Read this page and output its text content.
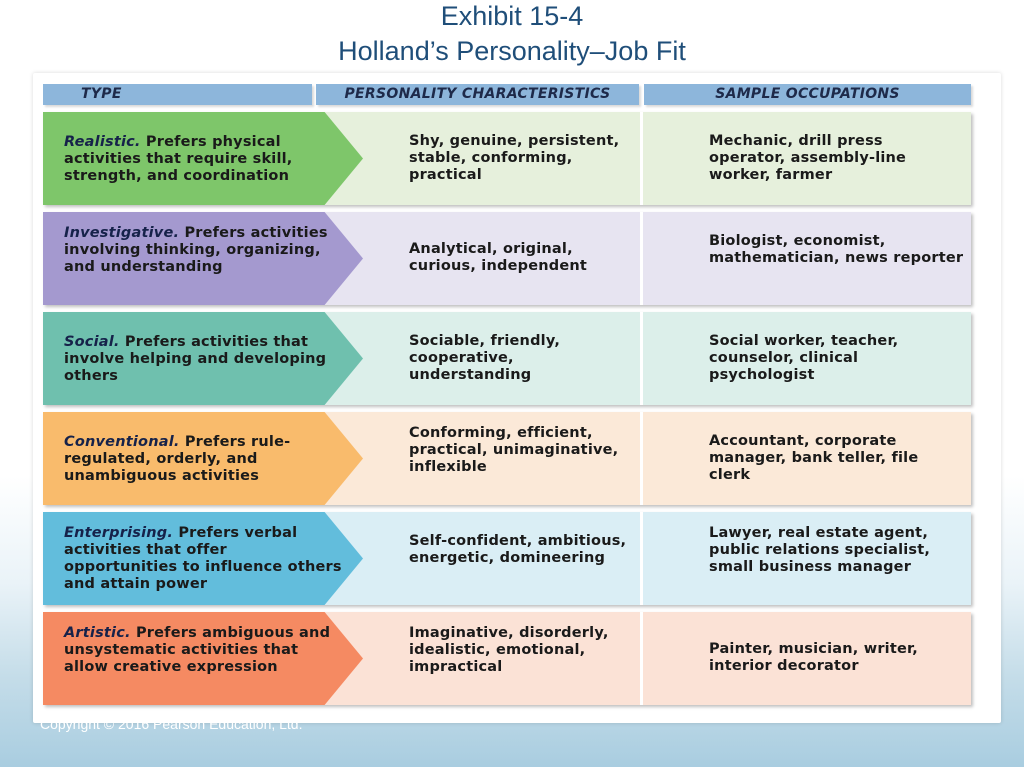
Exhibit 15-4
Holland’s Personality–Job Fit
TYPE	PERSONALITY CHARACTERISTICS	SAMPLE OCCUPATIONS
Realistic. Prefers physical activities that require skill, strength, and coordination
Shy, genuine, persistent, stable, conforming, practical
Mechanic, drill press operator, assembly-line worker, farmer
Investigative. Prefers activities involving thinking, organizing, and understanding
Analytical, original, curious, independent
Biologist, economist, mathematician, news reporter
Social. Prefers activities that involve helping and developing others
Sociable, friendly, cooperative, understanding
Social worker, teacher, counselor, clinical psychologist
Conventional. Prefers rule-regulated, orderly, and unambiguous activities
Conforming, efficient, practical, unimaginative, inflexible
Accountant, corporate manager, bank teller, file clerk
Enterprising. Prefers verbal activities that offer opportunities to influence others and attain power
Self-confident, ambitious, energetic, domineering
Lawyer, real estate agent, public relations specialist, small business manager
Artistic. Prefers ambiguous and unsystematic activities that allow creative expression
Imaginative, disorderly, idealistic, emotional, impractical
Painter, musician, writer, interior decorator
Copyright © 2016 Pearson Education, Ltd.
